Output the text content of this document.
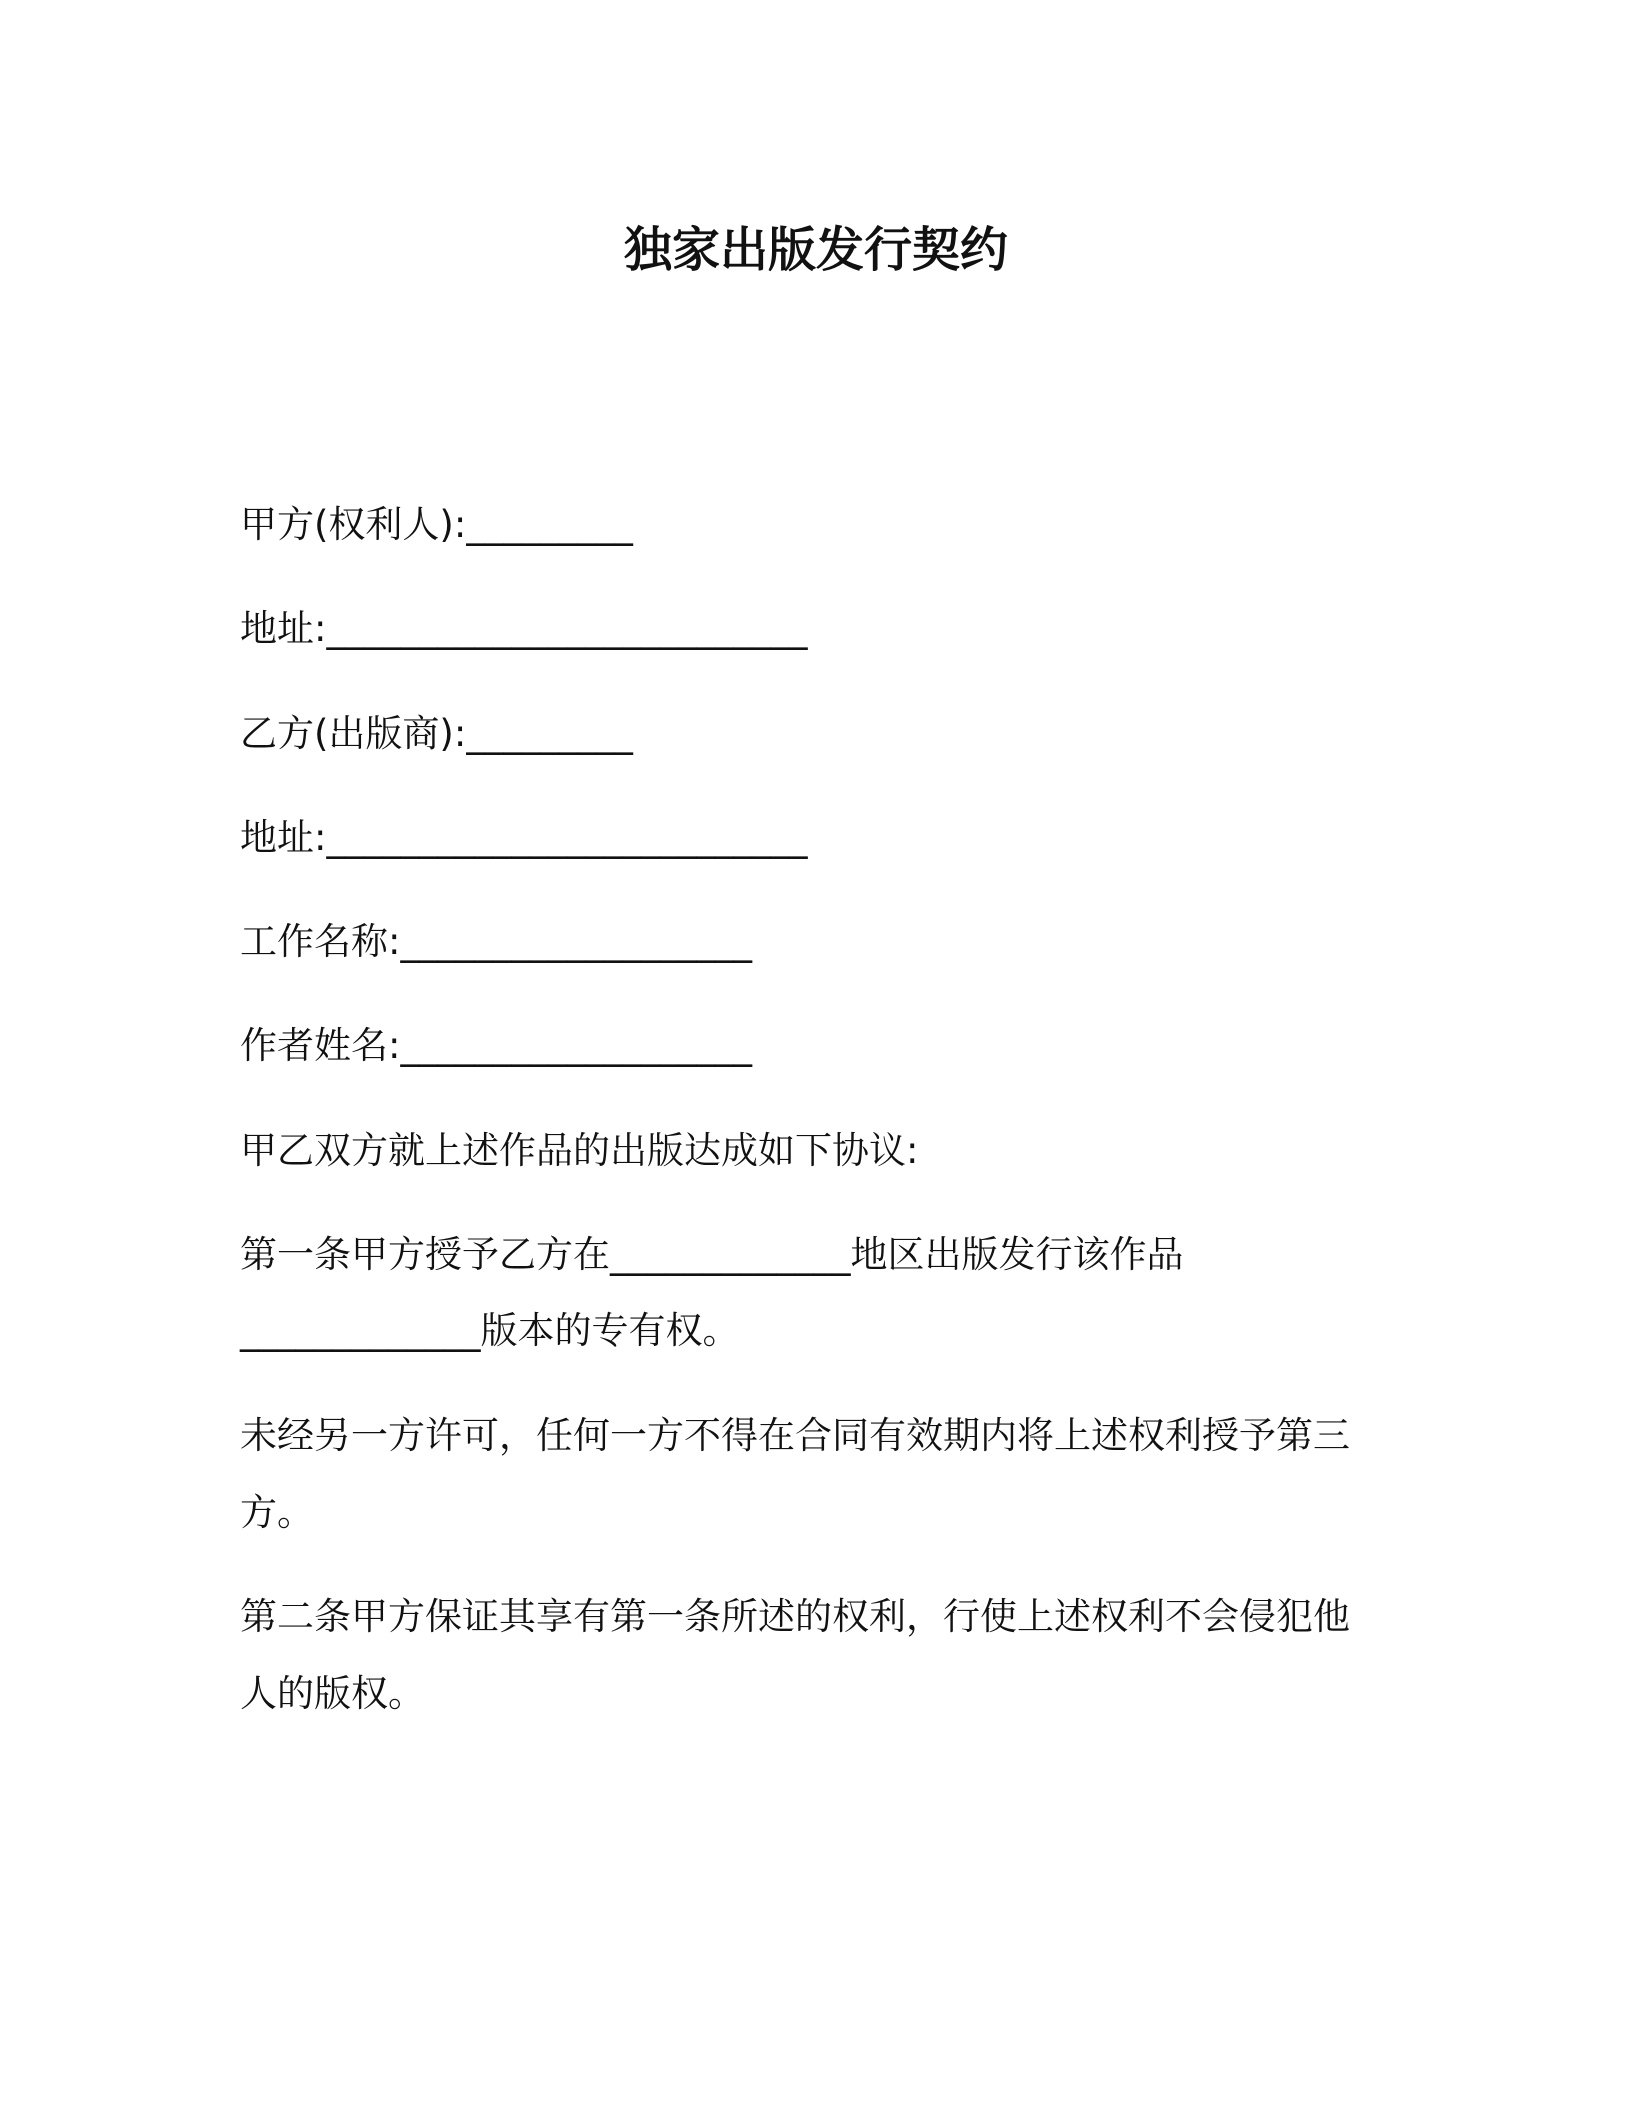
独家出版发行契约
甲方(权利人):_________
地址:__________________________
乙方(出版商):_________
地址:__________________________
工作名称:___________________
作者姓名:___________________
甲乙双方就上述作品的出版达成如下协议:
第一条甲方授予乙方在_____________地区出版发行该作品
_____________版本的专有权。
未经另一方许可，任何一方不得在合同有效期内将上述权利授予第三
方。
第二条甲方保证其享有第一条所述的权利，行使上述权利不会侵犯他
人的版权。
